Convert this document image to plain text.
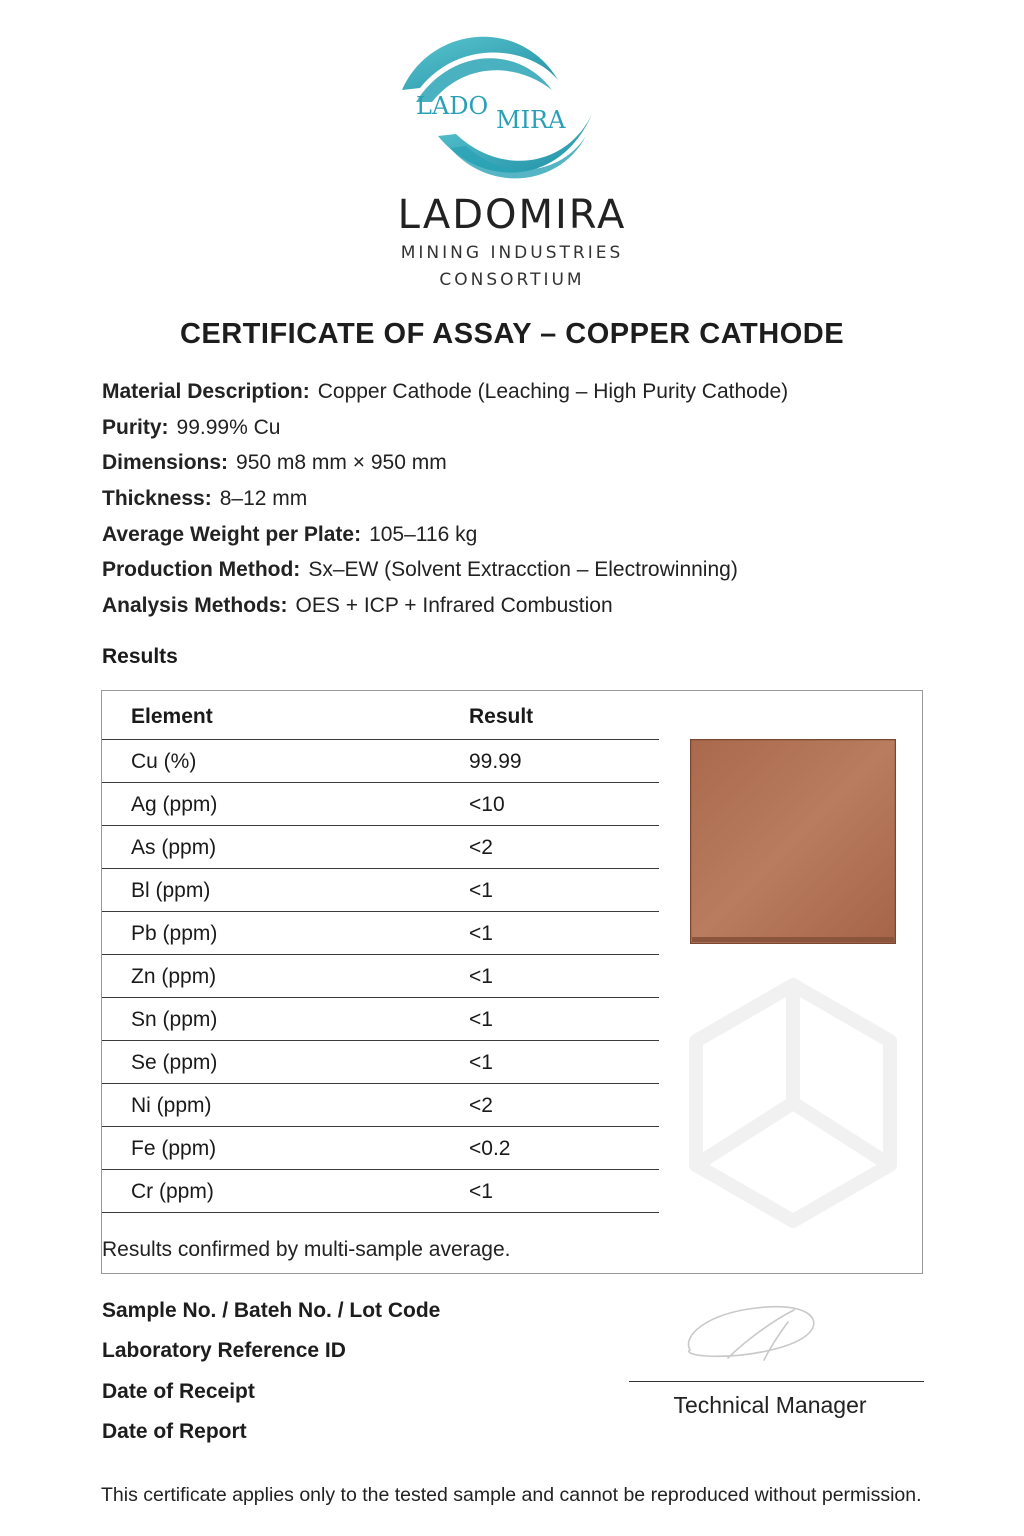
LADO MIRA
LADOMIRA
MINING INDUSTRIES
CONSORTIUM
CERTIFICATE OF ASSAY – COPPER CATHODE
Material Description: Copper Cathode (Leaching – High Purity Cathode)
Purity: 99.99% Cu
Dimensions: 950 m8 mm × 950 mm
Thickness: 8–12 mm
Average Weight per Plate: 105–116 kg
Production Method: Sx–EW (Solvent Extracction – Electrowinning)
Analysis Methods: OES + ICP + Infrared Combustion
Results
Element	Result
Cu (%)	99.99
Ag (ppm)	<10
As (ppm)	<2
Bl (ppm)	<1
Pb (ppm)	<1
Zn (ppm)	<1
Sn (ppm)	<1
Se (ppm)	<1
Ni (ppm)	<2
Fe (ppm)	<0.2
Cr (ppm)	<1
Results confirmed by multi-sample average.
Sample No. / Bateh No. / Lot Code
Laboratory Reference ID
Date of Receipt
Date of Report
Technical Manager
This certificate applies only to the tested sample and cannot be reproduced without permission.
